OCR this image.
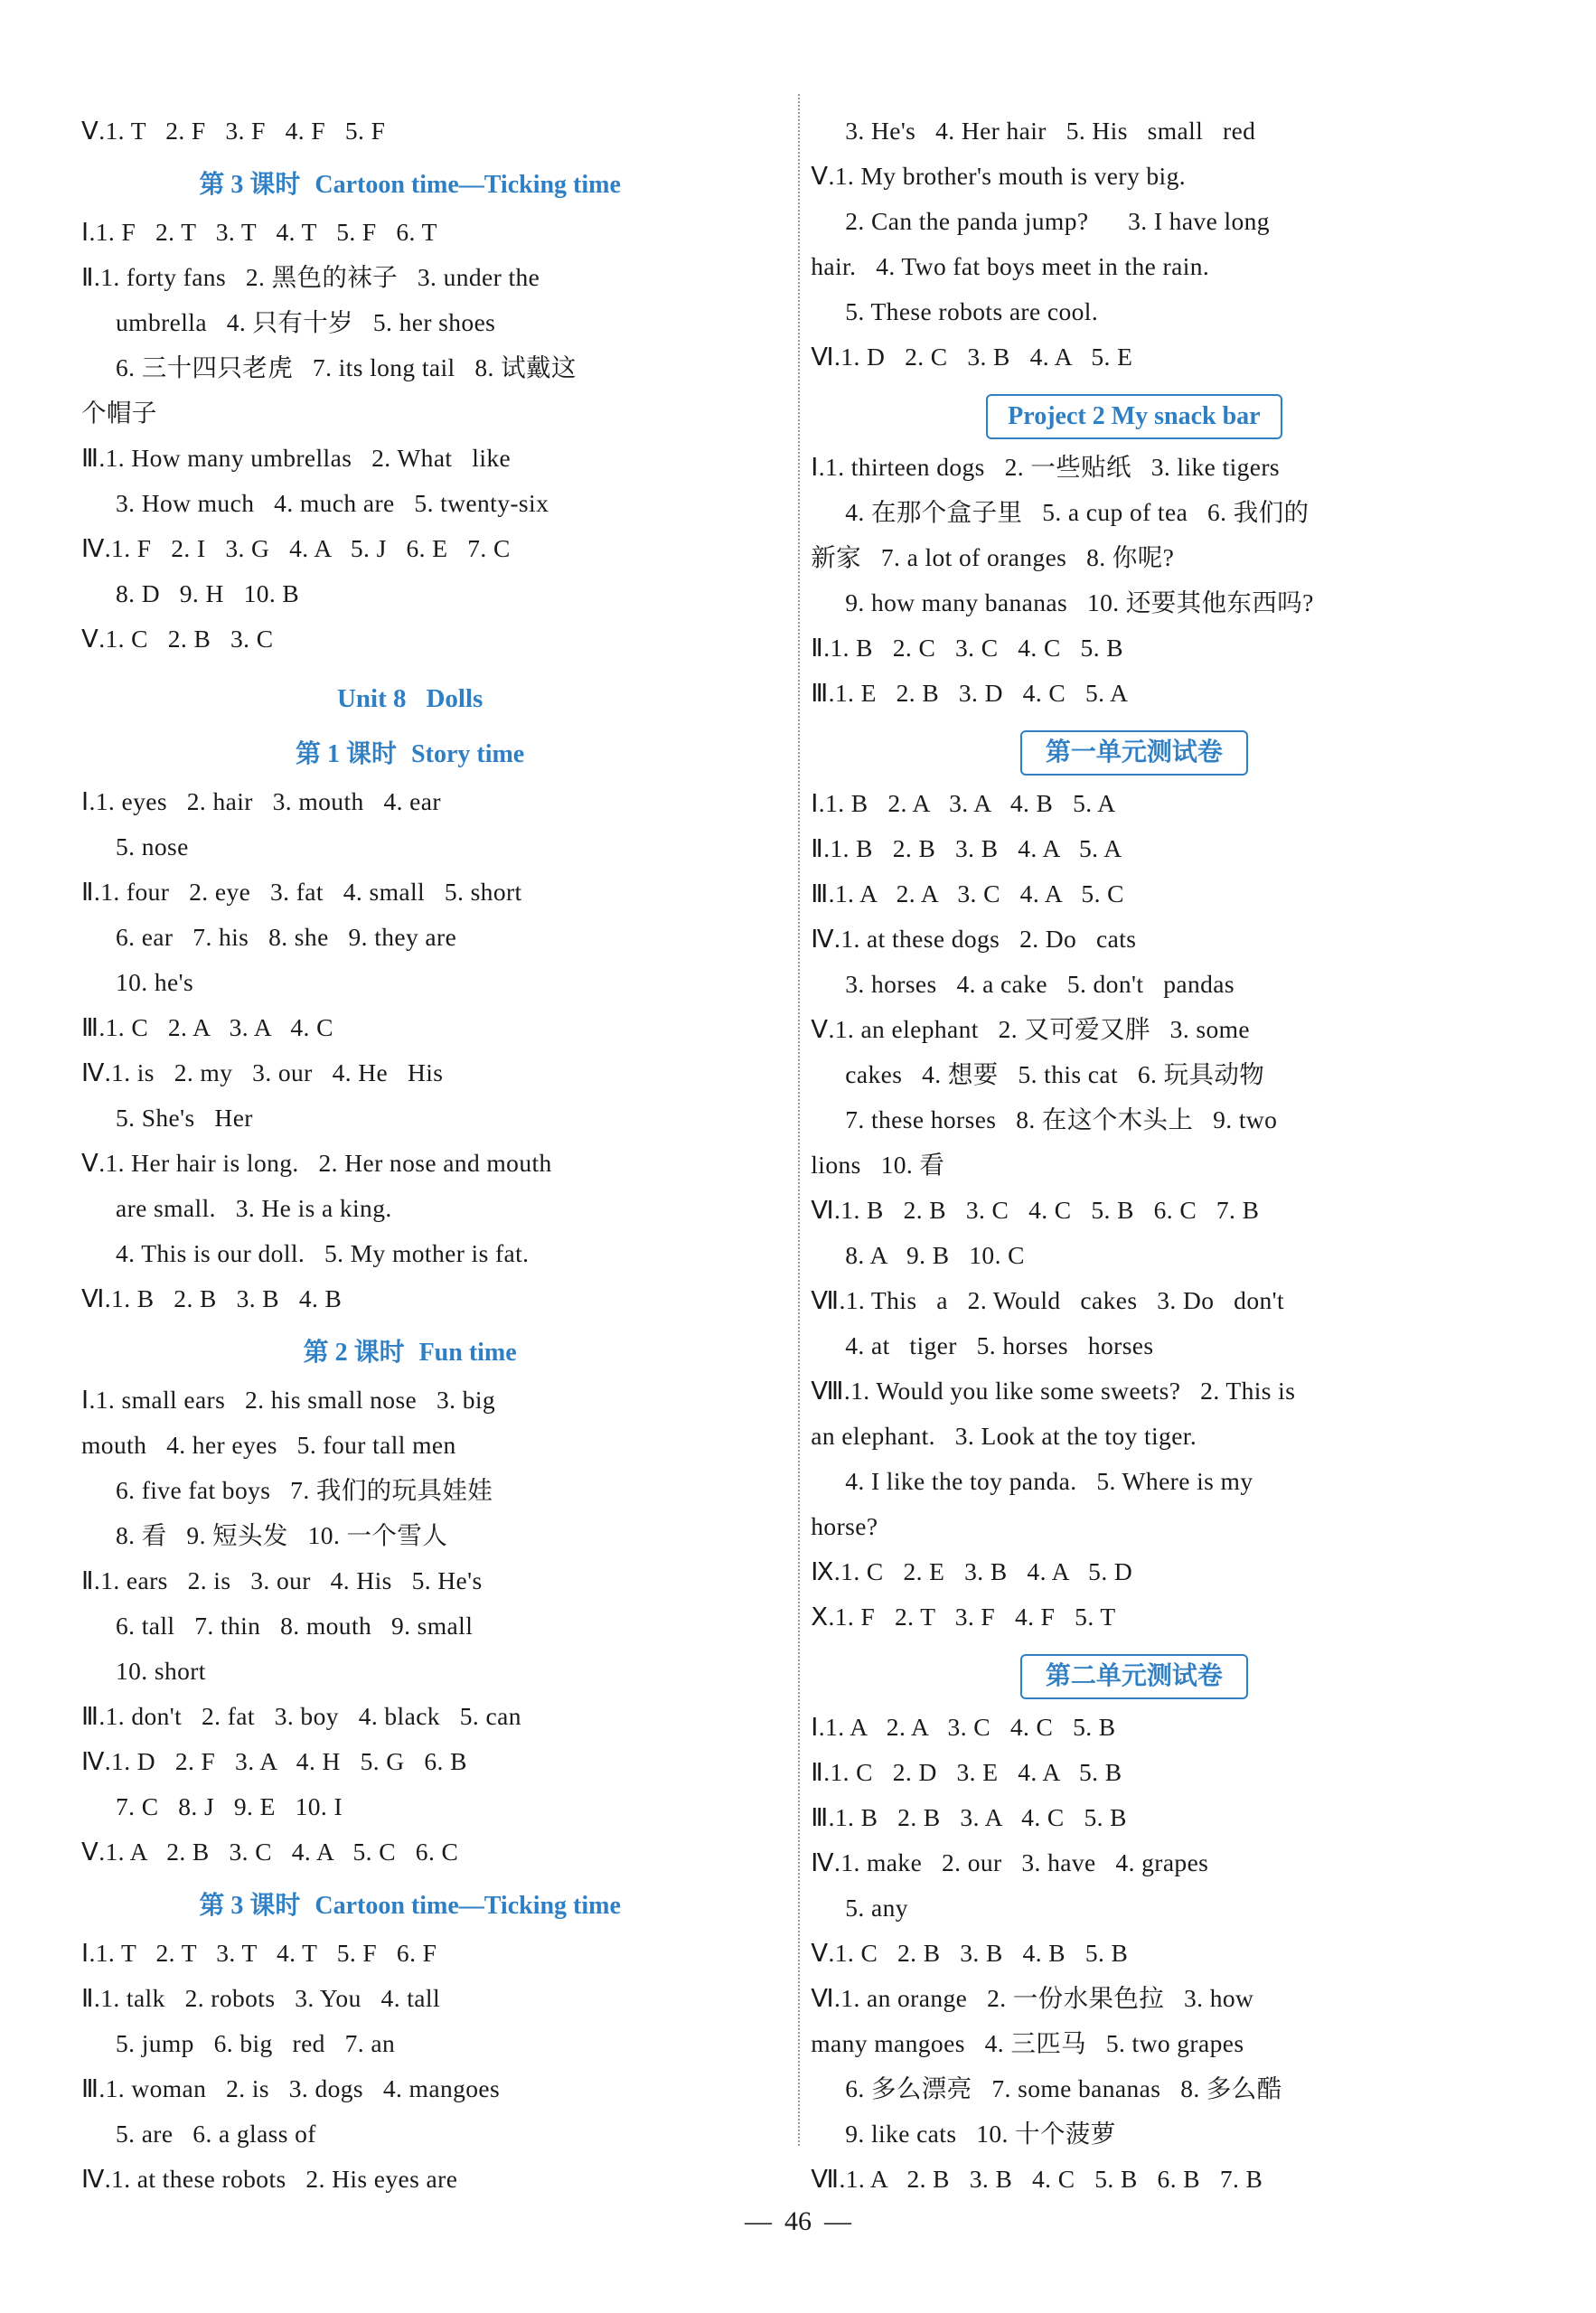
Ⅴ.1. T   2. F   3. F   4. F   5. F
第 3 课时 Cartoon time—Ticking time
Ⅰ.1. F   2. T   3. T   4. T   5. F   6. T
Ⅱ.1. forty fans   2. 黑色的袜子   3. under the
umbrella   4. 只有十岁   5. her shoes
6. 三十四只老虎   7. its long tail   8. 试戴这
个帽子
Ⅲ.1. How many umbrellas   2. What   like
3. How much   4. much are   5. twenty-six
Ⅳ.1. F   2. I   3. G   4. A   5. J   6. E   7. C
8. D   9. H   10. B
Ⅴ.1. C   2. B   3. C
Unit 8 Dolls
第 1 课时 Story time
Ⅰ.1. eyes   2. hair   3. mouth   4. ear
5. nose
Ⅱ.1. four   2. eye   3. fat   4. small   5. short
6. ear   7. his   8. she   9. they are
10. he's
Ⅲ.1. C   2. A   3. A   4. C
Ⅳ.1. is   2. my   3. our   4. He   His
5. She's   Her
Ⅴ.1. Her hair is long.   2. Her nose and mouth
are small.   3. He is a king.
4. This is our doll.   5. My mother is fat.
Ⅵ.1. B   2. B   3. B   4. B
第 2 课时 Fun time
Ⅰ.1. small ears   2. his small nose   3. big
mouth   4. her eyes   5. four tall men
6. five fat boys   7. 我们的玩具娃娃
8. 看   9. 短头发   10. 一个雪人
Ⅱ.1. ears   2. is   3. our   4. His   5. He's
6. tall   7. thin   8. mouth   9. small
10. short
Ⅲ.1. don't   2. fat   3. boy   4. black   5. can
Ⅳ.1. D   2. F   3. A   4. H   5. G   6. B
7. C   8. J   9. E   10. I
Ⅴ.1. A   2. B   3. C   4. A   5. C   6. C
第 3 课时 Cartoon time—Ticking time
Ⅰ.1. T   2. T   3. T   4. T   5. F   6. F
Ⅱ.1. talk   2. robots   3. You   4. tall
5. jump   6. big   red   7. an
Ⅲ.1. woman   2. is   3. dogs   4. mangoes
5. are   6. a glass of
Ⅳ.1. at these robots   2. His eyes are
3. He's   4. Her hair   5. His   small   red
Ⅴ.1. My brother's mouth is very big.
2. Can the panda jump?      3. I have long
hair.   4. Two fat boys meet in the rain.
5. These robots are cool.
Ⅵ.1. D   2. C   3. B   4. A   5. E
Project 2 My snack bar
Ⅰ.1. thirteen dogs   2. 一些贴纸   3. like tigers
4. 在那个盒子里   5. a cup of tea   6. 我们的
新家   7. a lot of oranges   8. 你呢?
9. how many bananas   10. 还要其他东西吗?
Ⅱ.1. B   2. C   3. C   4. C   5. B
Ⅲ.1. E   2. B   3. D   4. C   5. A
第一单元测试卷
Ⅰ.1. B   2. A   3. A   4. B   5. A
Ⅱ.1. B   2. B   3. B   4. A   5. A
Ⅲ.1. A   2. A   3. C   4. A   5. C
Ⅳ.1. at these dogs   2. Do   cats
3. horses   4. a cake   5. don't   pandas
Ⅴ.1. an elephant   2. 又可爱又胖   3. some
cakes   4. 想要   5. this cat   6. 玩具动物
7. these horses   8. 在这个木头上   9. two
lions   10. 看
Ⅵ.1. B   2. B   3. C   4. C   5. B   6. C   7. B
8. A   9. B   10. C
Ⅶ.1. This   a   2. Would   cakes   3. Do   don't
4. at   tiger   5. horses   horses
Ⅷ.1. Would you like some sweets?   2. This is
an elephant.   3. Look at the toy tiger.
4. I like the toy panda.   5. Where is my
horse?
Ⅸ.1. C   2. E   3. B   4. A   5. D
Ⅹ.1. F   2. T   3. F   4. F   5. T
第二单元测试卷
Ⅰ.1. A   2. A   3. C   4. C   5. B
Ⅱ.1. C   2. D   3. E   4. A   5. B
Ⅲ.1. B   2. B   3. A   4. C   5. B
Ⅳ.1. make   2. our   3. have   4. grapes
5. any
Ⅴ.1. C   2. B   3. B   4. B   5. B
Ⅵ.1. an orange   2. 一份水果色拉   3. how
many mangoes   4. 三匹马   5. two grapes
6. 多么漂亮   7. some bananas   8. 多么酷
9. like cats   10. 十个菠萝
Ⅶ.1. A   2. B   3. B   4. C   5. B   6. B   7. B
— 46 —
